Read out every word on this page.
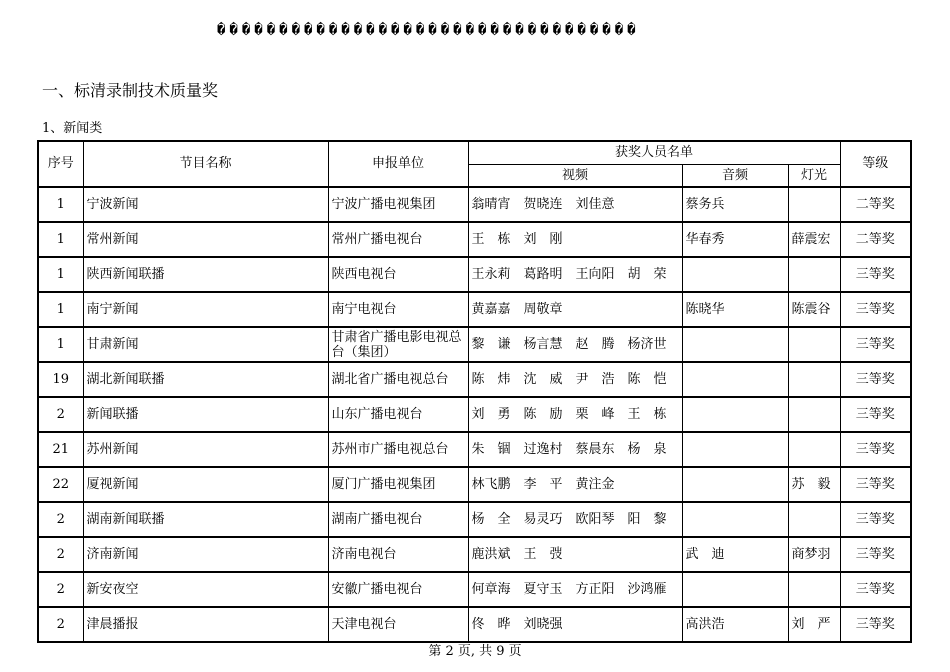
����������������������������������
一、标清录制技术质量奖
1、新闻类
序号	节目名称	申报单位	获奖人员名单			等级
			视频	音频	灯光	
1	宁波新闻	宁波广播电视集团	翁晴宵　贺晓连　刘佳意	蔡务兵		二等奖
1	常州新闻	常州广播电视台	王　栋　刘　刚	华春秀	薛震宏	二等奖
1	陕西新闻联播	陕西电视台	王永莉　葛路明　王向阳　胡　荣			三等奖
1	南宁新闻	南宁电视台	黄嘉嘉　周敬章	陈晓华	陈震谷	三等奖
1	甘肃新闻	甘肃省广播电影电视总台（集团）	黎　谦　杨言慧　赵　腾　杨济世			三等奖
19	湖北新闻联播	湖北省广播电视总台	陈　炜　沈　威　尹　浩　陈　恺			三等奖
2	新闻联播	山东广播电视台	刘　勇　陈　励　栗　峰　王　栋			三等奖
21	苏州新闻	苏州市广播电视总台	朱　锢　过逸村　蔡晨东　杨　泉			三等奖
22	厦视新闻	厦门广播电视集团	林飞鹏　李　平　黄注金		苏　毅	三等奖
2	湖南新闻联播	湖南广播电视台	杨　全　易灵巧　欧阳琴　阳　黎			三等奖
2	济南新闻	济南电视台	鹿洪斌　王　弢	武　迪	商梦羽	三等奖
2	新安夜空	安徽广播电视台	何章海　夏守玉　方正阳　沙鸿雁			三等奖
2	津晨播报	天津电视台	佟　晔　刘晓强	高洪浩	刘　严	三等奖
第 2 页, 共 9 页
